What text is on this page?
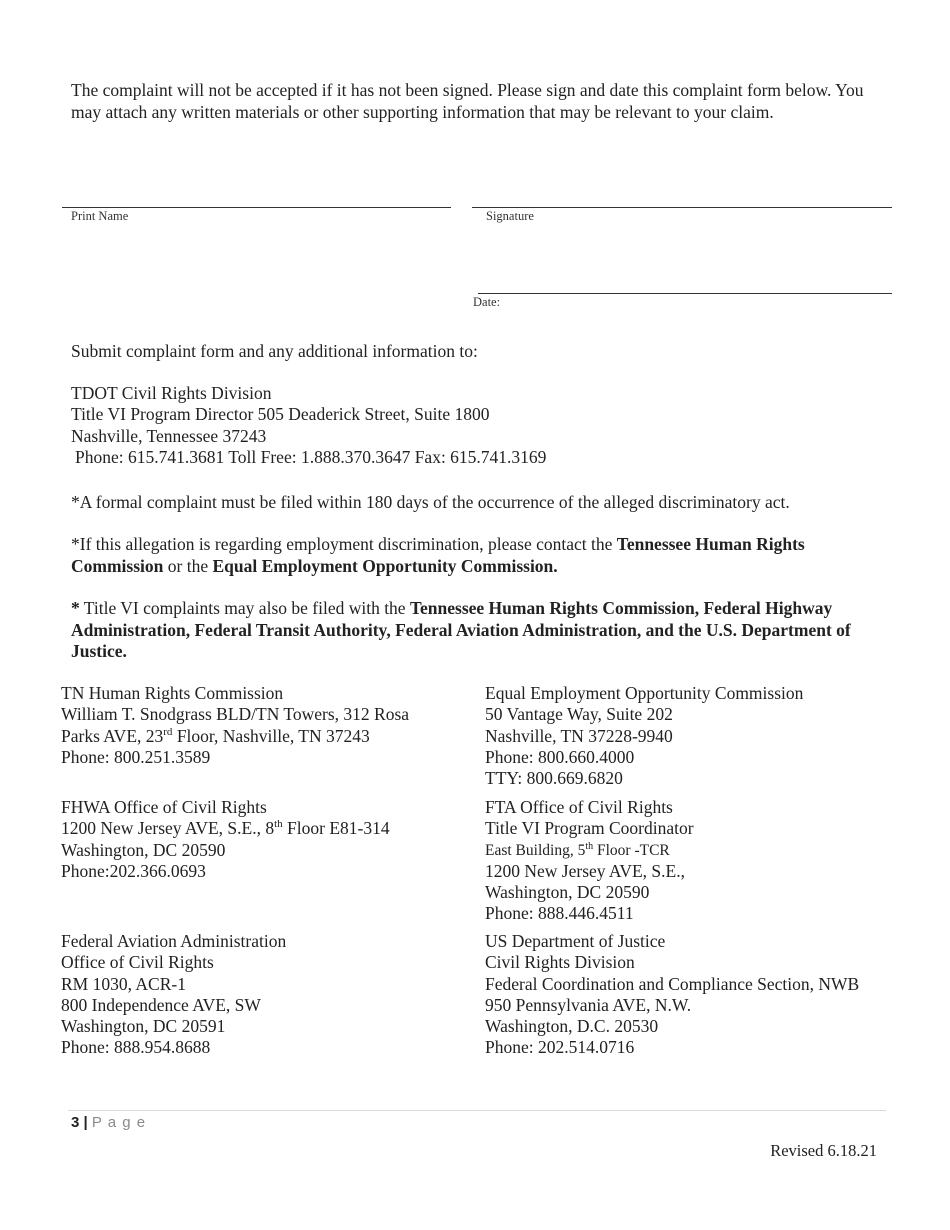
The complaint will not be accepted if it has not been signed. Please sign and date this complaint form below. You may attach any written materials or other supporting information that may be relevant to your claim.
Print Name	Signature
Date:
Submit complaint form and any additional information to:
TDOT Civil Rights Division
Title VI Program Director 505 Deaderick Street, Suite 1800
Nashville, Tennessee 37243
Phone: 615.741.3681 Toll Free: 1.888.370.3647 Fax: 615.741.3169
*A formal complaint must be filed within 180 days of the occurrence of the alleged discriminatory act.
*If this allegation is regarding employment discrimination, please contact the Tennessee Human Rights Commission or the Equal Employment Opportunity Commission.
* Title VI complaints may also be filed with the Tennessee Human Rights Commission, Federal Highway Administration, Federal Transit Authority, Federal Aviation Administration, and the U.S. Department of Justice.
TN Human Rights Commission
William T. Snodgrass BLD/TN Towers, 312 Rosa
Parks AVE, 23rd Floor, Nashville, TN 37243
Phone: 800.251.3589
FHWA Office of Civil Rights
1200 New Jersey AVE, S.E., 8th Floor E81-314
Washington, DC 20590
Phone:202.366.0693
Federal Aviation Administration
Office of Civil Rights
RM 1030, ACR-1
800 Independence AVE, SW
Washington, DC 20591
Phone: 888.954.8688
Equal Employment Opportunity Commission
50 Vantage Way, Suite 202
Nashville, TN 37228-9940
Phone: 800.660.4000
TTY: 800.669.6820
FTA Office of Civil Rights
Title VI Program Coordinator
East Building, 5th Floor -TCR
1200 New Jersey AVE, S.E.,
Washington, DC 20590
Phone: 888.446.4511
US Department of Justice
Civil Rights Division
Federal Coordination and Compliance Section, NWB
950 Pennsylvania AVE, N.W.
Washington, D.C. 20530
Phone: 202.514.0716
3 | P a g e
Revised 6.18.21
